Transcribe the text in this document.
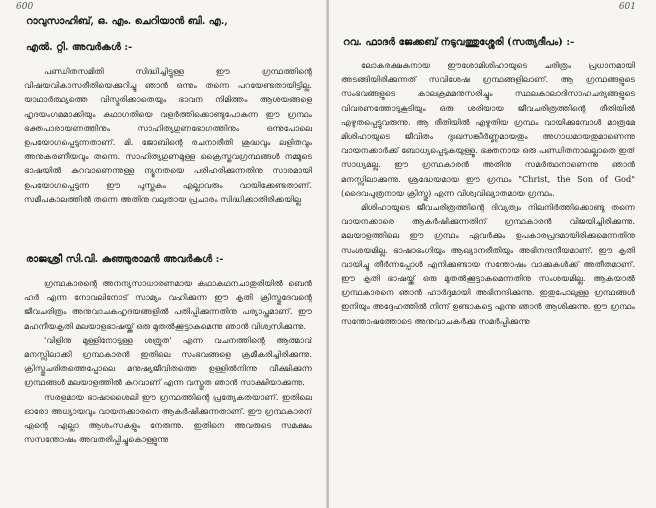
600
റാവുസാഹിബ്, ഒ. എം. ചെറിയാൻ ബി. എ.,
എൽ. റ്റി. അവർകൾ :-

പണ്ഡിതസമിതി സിദ്ധിച്ചിട്ടുള്ള ഈ ഗ്രന്ഥത്തിന്റെ വിഷയവികാസരീതിയെക്കുറിച്ചു ഞാൻ ഒന്നും തന്നെ പറയേണ്ടതായിട്ടില്ല. യാഥാർത്ഥ്യത്തെ വിസ്മരിക്കാതെയും ഭാവന നിമിത്തം ആശയങ്ങളെ ഹൃദയംഗമമാക്കിയും കഥാഗതിയെ വളർത്തിക്കൊണ്ടുപോകുന്ന ഈ ഗ്രന്ഥം ഭക്തപാരായണത്തിനും സാഹിത്യഗുണഭോഗത്തിനും ഒന്നുപോലെ ഉപയോഗപ്പെടുന്നതാണ്. മി. ജോബിന്റെ രചനാരീതി ശുദ്ധവും ലളിതവും അനുകരണീയവും തന്നെ. സാഹിത്യഗുണമുള്ള ക്രൈസ്തവഗ്രന്ഥങ്ങൾ നമ്മുടെ ഭാഷയിൽ കുറവാണെന്നുള്ള ന്യൂനതയെ പരിഹരിക്കുന്നതിനു സാരമായി ഉപയോഗപ്പെടുന്ന ഈ പുസ്തകം എല്ലാവരും വായിക്കേണ്ടതാണ്. സമീപകാലത്തിൽ തന്നെ അതിനു വലുതായ പ്രചാരം സിദ്ധിക്കാതിരിക്കയില്ല

രാജശ്രീ സി.വി. കുഞ്ഞുരാമൻ അവർകൾ :-

ഗ്രന്ഥകാരന്റെ അനന്യസാധാരണമായ കഥാകഥനചാതുരിയിൽ ബെൻ ഹർ എന്ന നോവലിനോട് സാമ്യം വഹിക്കുന്ന ഈ കൃതി ക്രിസ്തുദേവന്റെ ജീവചരിത്രം അനുവാചകഹൃദയങ്ങളിൽ പതിപ്പിക്കുന്നതിനു പര്യാപ്തമാണ്. ഈ മഹനീയകൃതി മലയാളഭാഷയ്ക്ക് ഒരു മുതൽക്കൂട്ടാകുമെന്നു ഞാൻ വിശ്വസിക്കുന്നു.

'വിളിനു മുള്ളിനോടുള്ള ശത്രുത' എന്ന വചനത്തിന്റെ ആത്മാവ് മനസ്സിലാക്കി ഗ്രന്ഥകാരൻ ഇതിലെ സംഭവങ്ങളെ ക്രമീകരിച്ചിരിക്കുന്നു. ക്രിസ്തുചരിതത്തെപ്പോലെ മനുഷ്യജീവിതത്തെ ഉള്ളിൽനിന്നു വീക്ഷിക്കുന്ന ഗ്രന്ഥങ്ങൾ മലയാളത്തിൽ കുറവാണ് എന്ന വസ്തുത ഞാൻ സാക്ഷിയാക്കുന്നു.

സരളമായ ഭാഷാശൈലി ഈ ഗ്രന്ഥത്തിന്റെ പ്രത്യേകതയാണ്. ഇതിലെ ഓരോ അധ്യായവും വായനക്കാരനെ ആകർഷിക്കുന്നതാണ്. ഈ ഗ്രന്ഥകാരന് എന്റെ എല്ലാ ആശംസകളും നേരുന്നു. ഇതിനെ അവരുടെ സമക്ഷം സസന്തോഷം അവതരിപ്പിച്ചുകൊള്ളുന്നു

601
റവ. ഫാദർ ജേക്കബ് നടുവത്തുശ്ശേരി (സത്യദീപം) :-

ലോകരക്ഷകനായ ഈശോമിശിഹായുടെ ചരിത്രം പ്രധാനമായി അടങ്ങിയിരിക്കുന്നത് സവിശേഷ ഗ്രന്ഥങ്ങളിലാണ്. ആ ഗ്രന്ഥങ്ങളുടെ സംഭവങ്ങളുടെ കാലക്രമമനുസരിച്ചും സ്ഥലകാലാദിസാഹചര്യങ്ങളുടെ വിവരണത്തോടുകൂടിയും ഒരു ശരിയായ ജീവചരിത്രത്തിന്റെ രീതിയിൽ എഴുതപ്പെട്ടുവരുന്നു. ആ രീതിയിൽ എഴുതിയ ഗ്രന്ഥം വായിക്കുമ്പോൾ മാത്രമേ മിശിഹായുടെ ജീവിതം ദുഃഖസങ്കീർണ്ണമായതും അഗാധമായതുമാണെന്നു വായനക്കാർക്ക് ബോധ്യപ്പെടുകയുള്ളൂ. ഭക്തനായ ഒരു പണ്ഡിതനാലല്ലാതെ ഇത് സാധ്യമല്ല. ഈ ഗ്രന്ഥകാരൻ അതിനു സമർത്ഥനാണെന്നു ഞാൻ മനസ്സിലാക്കുന്നു. ശ്രദ്ധേയമായ ഈ ഗ്രന്ഥം "Christ, the Son of God" (ദൈവപുത്രനായ ക്രിസ്തു) എന്ന വിശ്വവിഖ്യാതമായ ഗ്രന്ഥം.

മിശിഹായുടെ ജീവചരിത്രത്തിന്റെ ദിവ്യത്വം നിലനിർത്തിക്കൊണ്ടു തന്നെ വായനക്കാരെ ആകർഷിക്കുന്നതിന് ഗ്രന്ഥകാരൻ വിജയിച്ചിരിക്കുന്നു. മലയാളത്തിലെ ഈ ഗ്രന്ഥം ഏവർക്കും ഉപകാരപ്രദമായിരിക്കുമെന്നതിനു സംശയമില്ല. ഭാഷാഭംഗിയും ആഖ്യാനരീതിയും അഭിനന്ദനീയമാണ്. ഈ കൃതി വായിച്ചു തീർന്നപ്പോൾ എനിക്കുണ്ടായ സന്തോഷം വാക്കുകൾക്ക് അതീതമാണ്. ഈ കൃതി ഭാഷയ്ക്ക് ഒരു മുതൽക്കൂട്ടാകുമെന്നതിനു സംശയമില്ല. ആകയാൽ ഗ്രന്ഥകാരനെ ഞാൻ ഹാർദ്ദമായി അഭിനന്ദിക്കുന്നു. ഇതുപോലുള്ള ഗ്രന്ഥങ്ങൾ ഇനിയും അദ്ദേഹത്തിൽ നിന്ന് ഉണ്ടാകട്ടെ എന്നു ഞാൻ ആശിക്കുന്നു. ഈ ഗ്രന്ഥം സന്തോഷത്തോടെ അനുവാചകർക്കു സമർപ്പിക്കുന്നു
